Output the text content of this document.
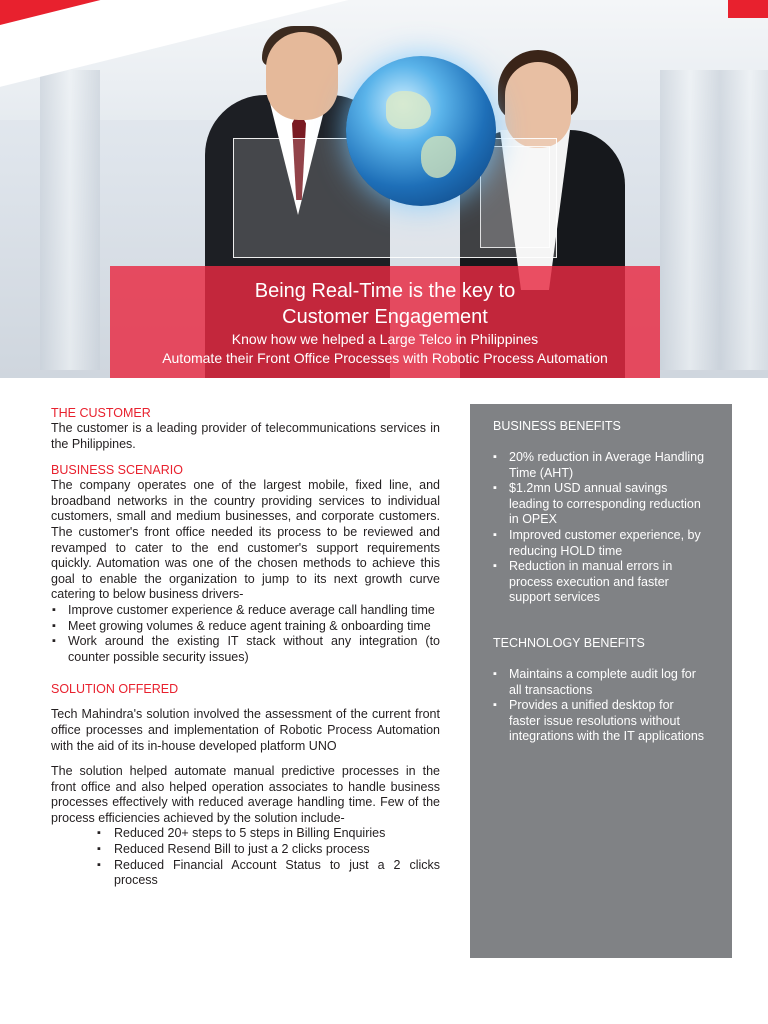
Being Real-Time is the key to
Customer Engagement
Know how we helped a Large Telco in Philippines
Automate their Front Office Processes with Robotic Process Automation
THE CUSTOMER

The customer is a leading provider of telecommunications services in the Philippines.

BUSINESS SCENARIO

The company operates one of the largest mobile, fixed line, and broadband networks in the country providing services to individual customers, small and medium businesses, and corporate customers. The customer's front office needed its process to be reviewed and revamped to cater to the end customer's support requirements quickly. Automation was one of the chosen methods to achieve this goal to enable the organization to jump to its next growth curve catering to below business drivers-

▪ Improve customer experience & reduce average call handling time
▪ Meet growing volumes & reduce agent training & onboarding time
▪ Work around the existing IT stack without any integration (to counter possible security issues)
SOLUTION OFFERED

Tech Mahindra's solution involved the assessment of the current front office processes and implementation of Robotic Process Automation with the aid of its in-house developed platform UNO

The solution helped automate manual predictive processes in the front office and also helped operation associates to handle business processes effectively with reduced average handling time. Few of the process efficiencies achieved by the solution include-

▪ Reduced 20+ steps to 5 steps in Billing Enquiries
▪ Reduced Resend Bill to just a 2 clicks process
▪ Reduced Financial Account Status to just a 2 clicks process
BUSINESS BENEFITS
▪ 20% reduction in Average Handling Time (AHT)
▪ $1.2mn USD annual savings leading to corresponding reduction in OPEX
▪ Improved customer experience, by reducing HOLD time
▪ Reduction in manual errors in process execution and faster support services
TECHNOLOGY BENEFITS
▪ Maintains a complete audit log for all transactions
▪ Provides a unified desktop for faster issue resolutions without integrations with the IT applications
